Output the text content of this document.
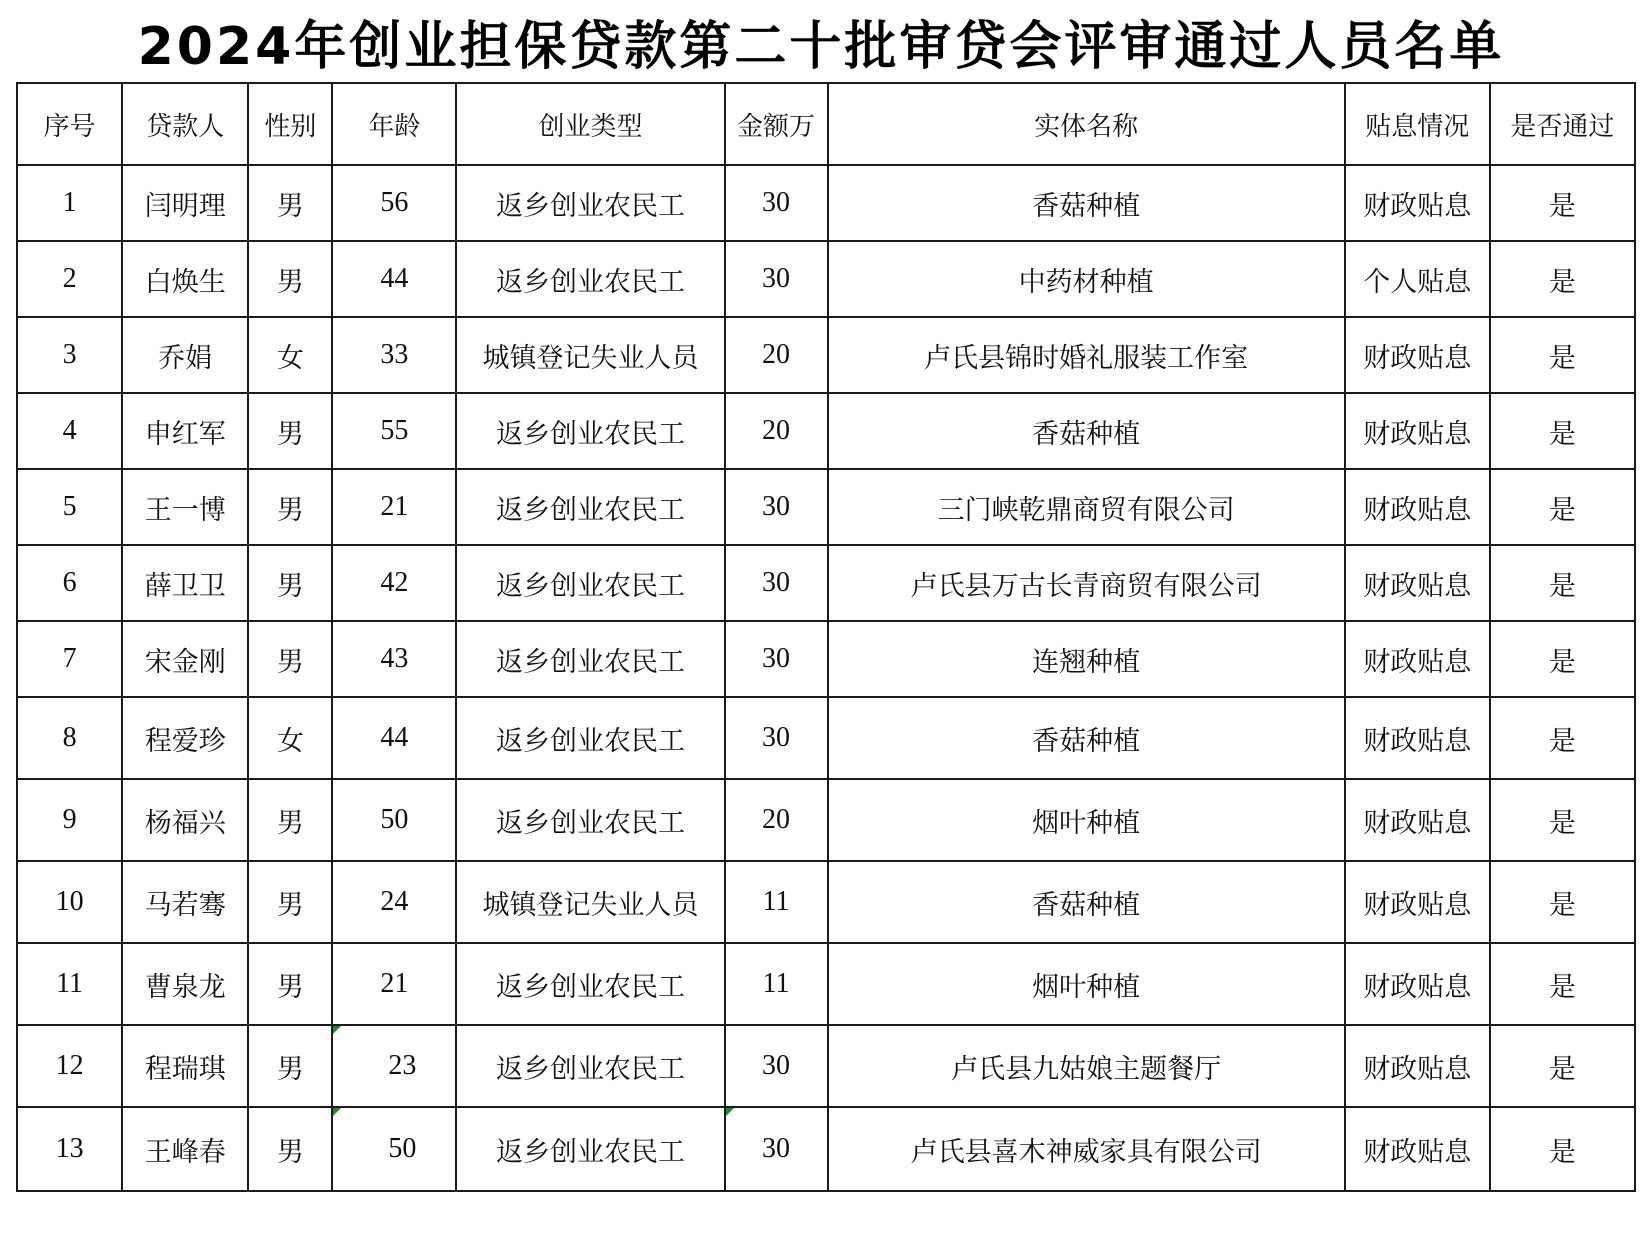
2024年创业担保贷款第二十批审贷会评审通过人员名单
序号	贷款人	性别	年龄	创业类型	金额万	实体名称	贴息情况	是否通过
1	闫明理	男	56	返乡创业农民工	30	香菇种植	财政贴息	是
2	白焕生	男	44	返乡创业农民工	30	中药材种植	个人贴息	是
3	乔娟	女	33	城镇登记失业人员	20	卢氏县锦时婚礼服装工作室	财政贴息	是
4	申红军	男	55	返乡创业农民工	20	香菇种植	财政贴息	是
5	王一博	男	21	返乡创业农民工	30	三门峡乾鼎商贸有限公司	财政贴息	是
6	薛卫卫	男	42	返乡创业农民工	30	卢氏县万古长青商贸有限公司	财政贴息	是
7	宋金刚	男	43	返乡创业农民工	30	连翘种植	财政贴息	是
8	程爱珍	女	44	返乡创业农民工	30	香菇种植	财政贴息	是
9	杨福兴	男	50	返乡创业农民工	20	烟叶种植	财政贴息	是
10	马若骞	男	24	城镇登记失业人员	11	香菇种植	财政贴息	是
11	曹泉龙	男	21	返乡创业农民工	11	烟叶种植	财政贴息	是
12	程瑞琪	男	23	返乡创业农民工	30	卢氏县九姑娘主题餐厅	财政贴息	是
13	王峰春	男	50	返乡创业农民工	30	卢氏县喜木神威家具有限公司	财政贴息	是
